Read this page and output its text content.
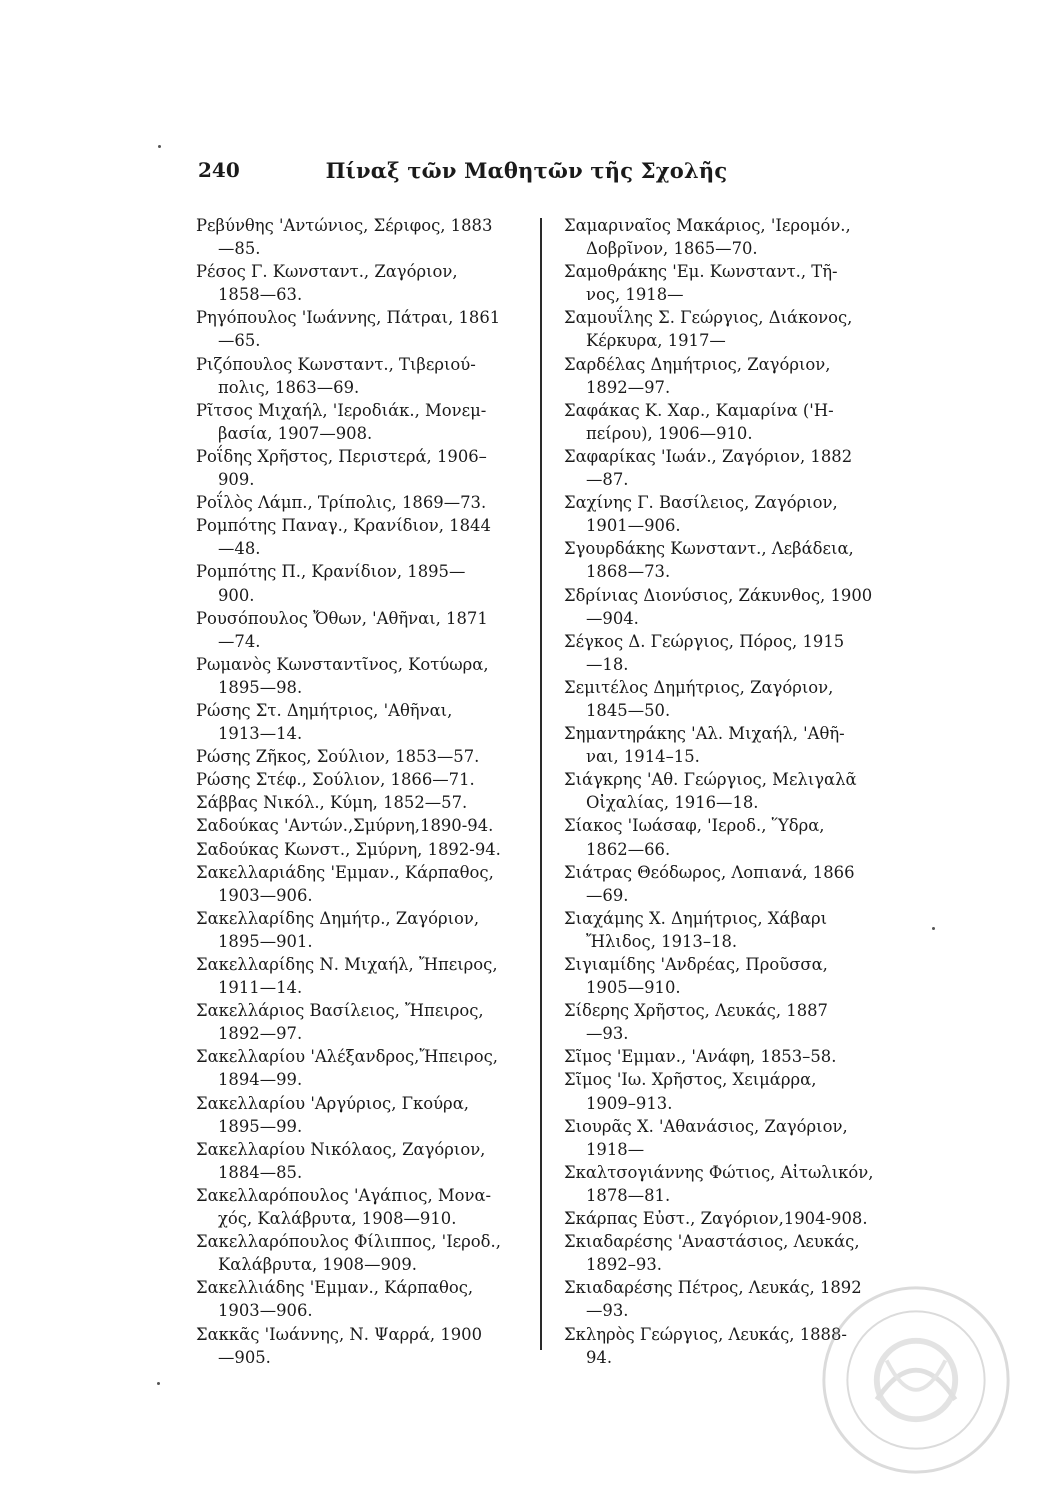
240	Πίναξ τῶν Μαθητῶν τῆς Σχολῆς
Ρεβύνθης 'Αντώνιος, Σέριφος, 1883
—85.
Ρέσος Γ. Κωνσταντ., Ζαγόριον,
1858—63.
Ρηγόπουλος 'Ιωάννης, Πάτραι, 1861
—65.
Ριζόπουλος Κωνσταντ., Τιβεριού-
πολις, 1863—69.
Ρῖτσος Μιχαήλ, 'Ιεροδιάκ., Μονεμ-
βασία, 1907—908.
Ροΐδης Χρῆστος, Περιστερά, 1906–
909.
Ροΐλὸς Λάμπ., Τρίπολις, 1869—73.
Ρομπότης Παναγ., Κρανίδιον, 1844
—48.
Ρομπότης Π., Κρανίδιον, 1895—
900.
Ρουσόπουλος Ὄθων, 'Αθῆναι, 1871
—74.
Ρωμανὸς Κωνσταντῖνος, Κοτύωρα,
1895—98.
Ρώσης Στ. Δημήτριος, 'Αθῆναι,
1913—14.
Ρώσης Ζῆκος, Σούλιον, 1853—57.
Ρώσης Στέφ., Σούλιον, 1866—71.
Σάββας Νικόλ., Κύμη, 1852—57.
Σαδούκας 'Αντών.,Σμύρνη,1890-94.
Σαδούκας Κωνστ., Σμύρνη, 1892-94.
Σακελλαριάδης 'Εμμαν., Κάρπαθος,
1903—906.
Σακελλαρίδης Δημήτρ., Ζαγόριον,
1895—901.
Σακελλαρίδης Ν. Μιχαήλ, Ἤπειρος,
1911—14.
Σακελλάριος Βασίλειος, Ἤπειρος,
1892—97.
Σακελλαρίου 'Αλέξανδρος,Ἤπειρος,
1894—99.
Σακελλαρίου 'Αργύριος, Γκούρα,
1895—99.
Σακελλαρίου Νικόλαος, Ζαγόριον,
1884—85.
Σακελλαρόπουλος 'Αγάπιος, Μονα-
χός, Καλάβρυτα, 1908—910.
Σακελλαρόπουλος Φίλιππος, 'Ιεροδ.,
Καλάβρυτα, 1908—909.
Σακελλιάδης 'Εμμαν., Κάρπαθος,
1903—906.
Σακκᾶς 'Ιωάννης, Ν. Ψαρρά, 1900
—905.
Σαμαριναῖος Μακάριος, 'Ιερομόν.,
Δοβρῖνον, 1865—70.
Σαμοθράκης 'Εμ. Κωνσταντ., Τῆ-
νος, 1918—
Σαμουΐλης Σ. Γεώργιος, Διάκονος,
Κέρκυρα, 1917—
Σαρδέλας Δημήτριος, Ζαγόριον,
1892—97.
Σαφάκας Κ. Χαρ., Καμαρίνα ('Η-
πείρου), 1906—910.
Σαφαρίκας 'Ιωάν., Ζαγόριον, 1882
—87.
Σαχίνης Γ. Βασίλειος, Ζαγόριον,
1901—906.
Σγουρδάκης Κωνσταντ., Λεβάδεια,
1868—73.
Σδρίνιας Διονύσιος, Ζάκυνθος, 1900
—904.
Σέγκος Δ. Γεώργιος, Πόρος, 1915
—18.
Σεμιτέλος Δημήτριος, Ζαγόριον,
1845—50.
Σημαντηράκης 'Αλ. Μιχαήλ, 'Αθῆ-
ναι, 1914–15.
Σιάγκρης 'Αθ. Γεώργιος, Μελιγαλᾶ
Οἰχαλίας, 1916—18.
Σίακος 'Ιωάσαφ, 'Ιεροδ., Ὕδρα,
1862—66.
Σιάτρας Θεόδωρος, Λοπιανά, 1866
—69.
Σιαχάμης Χ. Δημήτριος, Χάβαρι
Ἤλιδος, 1913–18.
Σιγιαμίδης 'Ανδρέας, Προῦσσα,
1905—910.
Σίδερης Χρῆστος, Λευκάς, 1887
—93.
Σῖμος 'Εμμαν., 'Ανάφη, 1853–58.
Σῖμος 'Ιω. Χρῆστος, Χειμάρρα,
1909–913.
Σιουρᾶς Χ. 'Αθανάσιος, Ζαγόριον,
1918—
Σκαλτσογιάννης Φώτιος, Αἰτωλικόν,
1878—81.
Σκάρπας Εὐστ., Ζαγόριον,1904-908.
Σκιαδαρέσης 'Αναστάσιος, Λευκάς,
1892–93.
Σκιαδαρέσης Πέτρος, Λευκάς, 1892
—93.
Σκληρὸς Γεώργιος, Λευκάς, 1888-
94.
